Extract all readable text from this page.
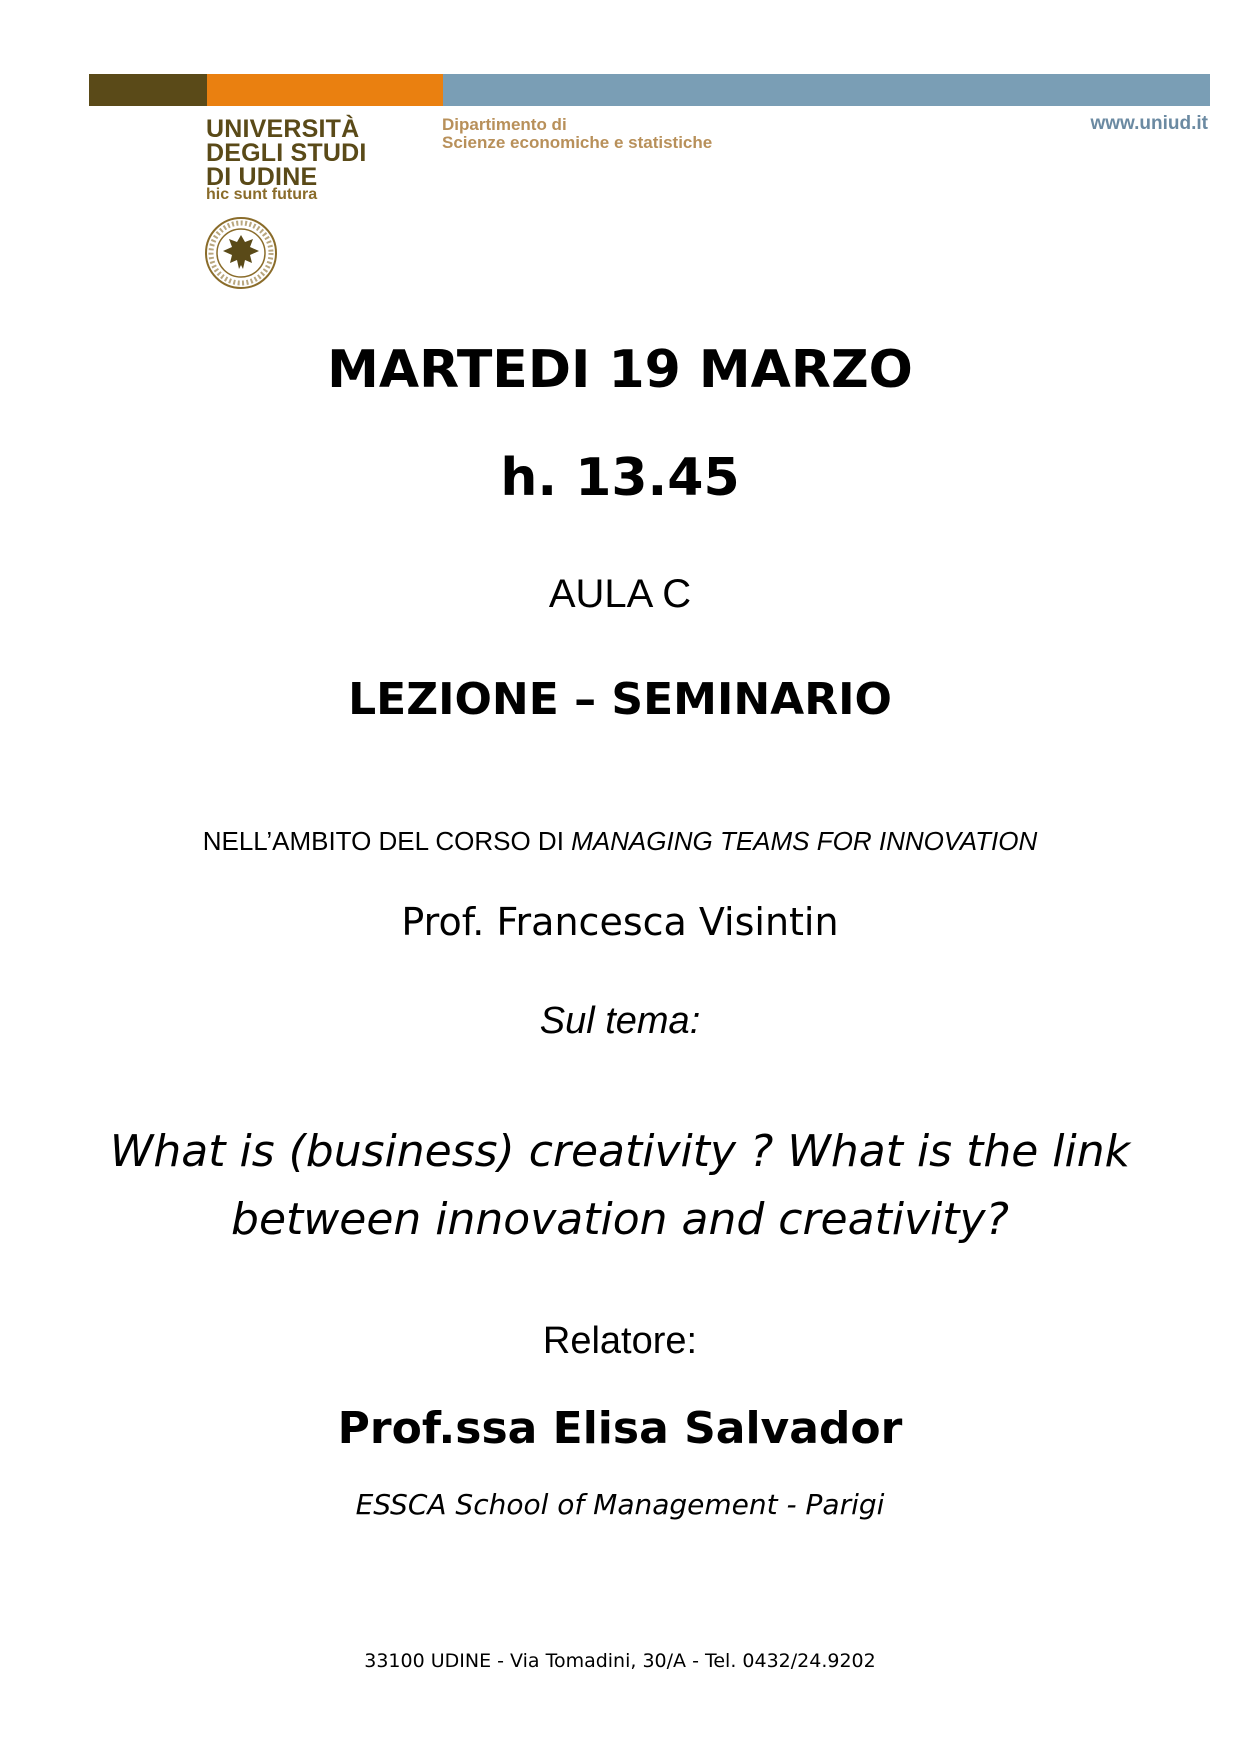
UNIVERSITÀ
DEGLI STUDI
DI UDINE
hic sunt futura
Dipartimento di
Scienze economiche e statistiche
www.uniud.it
MARTEDI 19 MARZO
h. 13.45
AULA C
LEZIONE – SEMINARIO
NELL’AMBITO DEL CORSO DI MANAGING TEAMS FOR INNOVATION
Prof. Francesca Visintin
Sul tema:
What is (business) creativity ? What is the link
between innovation and creativity?
Relatore:
Prof.ssa Elisa Salvador
ESSCA School of Management - Parigi
33100 UDINE - Via Tomadini, 30/A - Tel. 0432/24.9202
